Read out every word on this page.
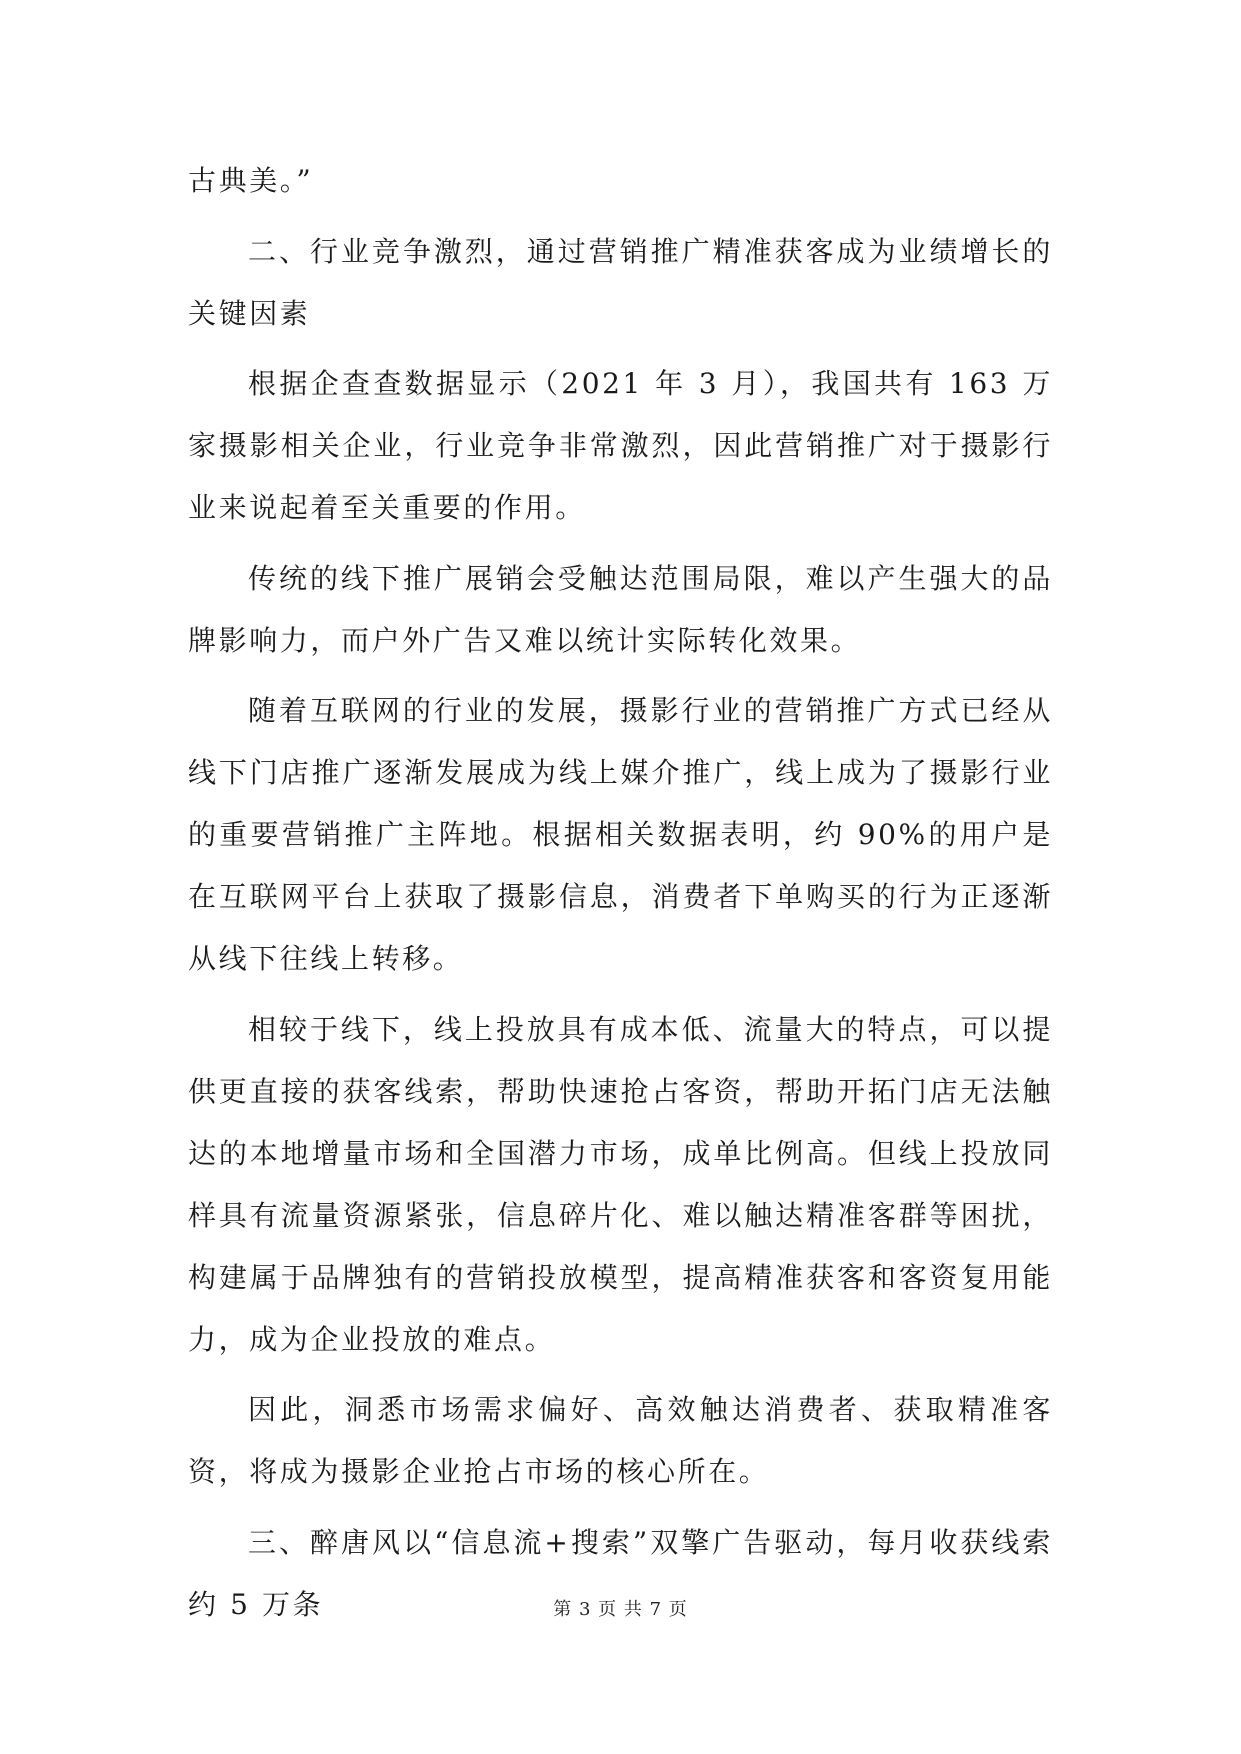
古典美。”

二、行业竞争激烈，通过营销推广精准获客成为业绩增长的关键因素

根据企查查数据显示（2021 年 3 月），我国共有 163 万家摄影相关企业，行业竞争非常激烈，因此营销推广对于摄影行业来说起着至关重要的作用。

传统的线下推广展销会受触达范围局限，难以产生强大的品牌影响力，而户外广告又难以统计实际转化效果。

随着互联网的行业的发展，摄影行业的营销推广方式已经从线下门店推广逐渐发展成为线上媒介推广，线上成为了摄影行业的重要营销推广主阵地。根据相关数据表明，约 90%的用户是在互联网平台上获取了摄影信息，消费者下单购买的行为正逐渐从线下往线上转移。

相较于线下，线上投放具有成本低、流量大的特点，可以提供更直接的获客线索，帮助快速抢占客资，帮助开拓门店无法触达的本地增量市场和全国潜力市场，成单比例高。但线上投放同样具有流量资源紧张，信息碎片化、难以触达精准客群等困扰，构建属于品牌独有的营销投放模型，提高精准获客和客资复用能力，成为企业投放的难点。

因此，洞悉市场需求偏好、高效触达消费者、获取精准客资，将成为摄影企业抢占市场的核心所在。

三、醉唐风以“信息流+搜索”双擎广告驱动，每月收获线索约 5 万条	第 3 页 共 7 页
